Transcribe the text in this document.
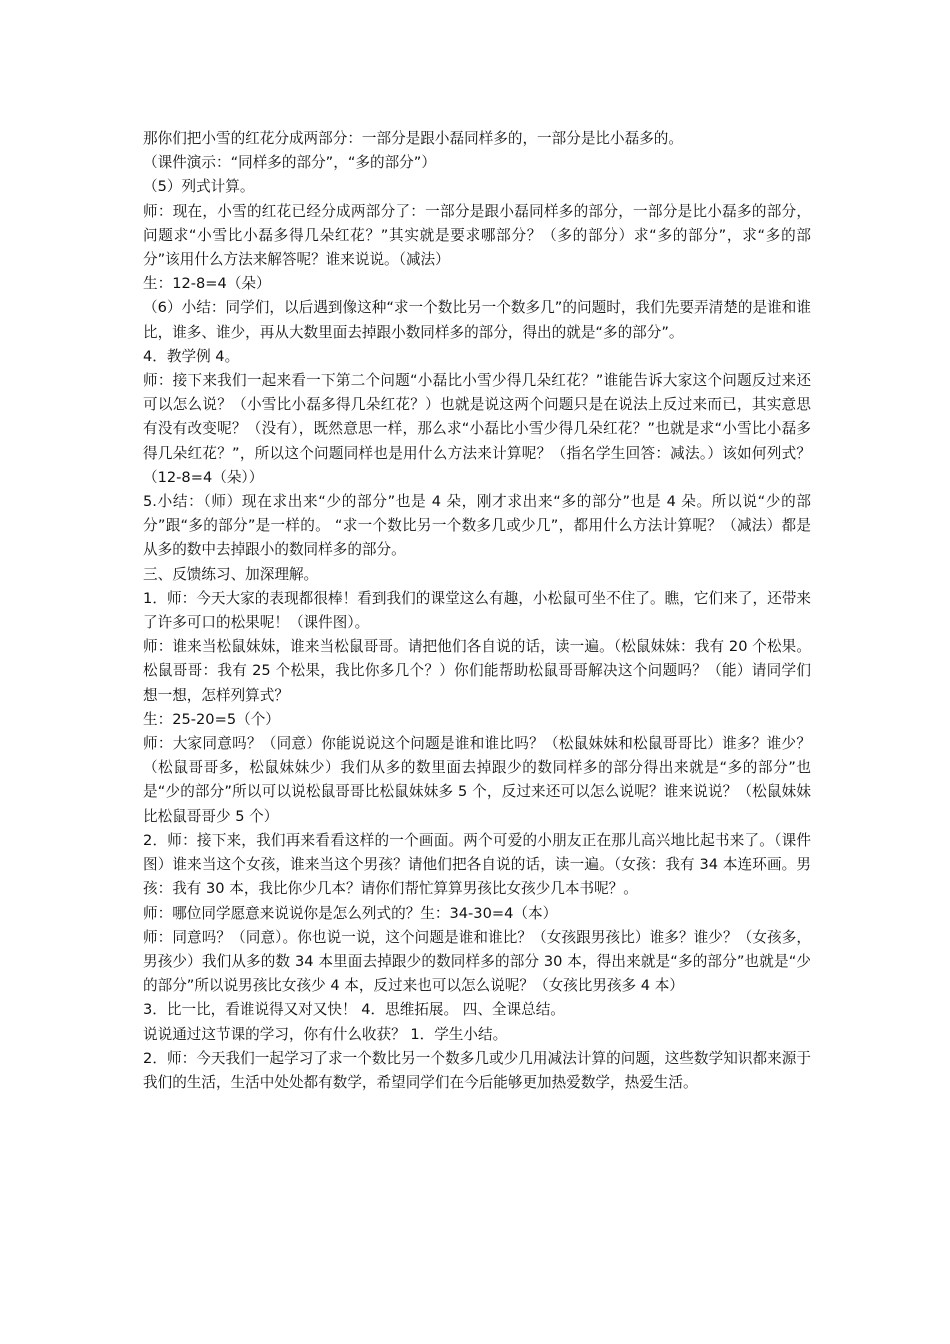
那你们把小雪的红花分成两部分：一部分是跟小磊同样多的，一部分是比小磊多的。

（课件演示：“同样多的部分”，“多的部分”）

（5）列式计算。

师：现在，小雪的红花已经分成两部分了：一部分是跟小磊同样多的部分，一部分是比小磊多的部分，问题求“小雪比小磊多得几朵红花？”其实就是要求哪部分？（多的部分）求“多的部分”，求“多的部分”该用什么方法来解答呢？谁来说说。（减法）

生：12-8=4（朵）

（6）小结：同学们，以后遇到像这种“求一个数比另一个数多几”的问题时，我们先要弄清楚的是谁和谁比，谁多、谁少，再从大数里面去掉跟小数同样多的部分，得出的就是“多的部分”。

4．教学例 4。

师：接下来我们一起来看一下第二个问题“小磊比小雪少得几朵红花？”谁能告诉大家这个问题反过来还可以怎么说？（小雪比小磊多得几朵红花？）也就是说这两个问题只是在说法上反过来而已，其实意思有没有改变呢？（没有），既然意思一样，那么求“小磊比小雪少得几朵红花？”也就是求“小雪比小磊多得几朵红花？”，所以这个问题同样也是用什么方法来计算呢？（指名学生回答：减法。）该如何列式？（12-8=4（朵））

5.小结：（师）现在求出来“少的部分”也是 4 朵，刚才求出来“多的部分”也是 4 朵。所以说“少的部分”跟“多的部分”是一样的。 “求一个数比另一个数多几或少几”，都用什么方法计算呢？（减法）都是从多的数中去掉跟小的数同样多的部分。

三、反馈练习、加深理解。

1．师：今天大家的表现都很棒！看到我们的课堂这么有趣，小松鼠可坐不住了。瞧，它们来了，还带来了许多可口的松果呢！（课件图）。

师：谁来当松鼠妹妹，谁来当松鼠哥哥。请把他们各自说的话，读一遍。（松鼠妹妹：我有 20 个松果。松鼠哥哥：我有 25 个松果，我比你多几个？）你们能帮助松鼠哥哥解决这个问题吗？（能）请同学们想一想，怎样列算式？

生：25-20=5（个）

师：大家同意吗？（同意）你能说说这个问题是谁和谁比吗？（松鼠妹妹和松鼠哥哥比）谁多？谁少？（松鼠哥哥多，松鼠妹妹少）我们从多的数里面去掉跟少的数同样多的部分得出来就是“多的部分”也是“少的部分”所以可以说松鼠哥哥比松鼠妹妹多 5 个，反过来还可以怎么说呢？谁来说说？（松鼠妹妹比松鼠哥哥少 5 个）

2．师：接下来，我们再来看看这样的一个画面。两个可爱的小朋友正在那儿高兴地比起书来了。（课件图）谁来当这个女孩，谁来当这个男孩？请他们把各自说的话，读一遍。（女孩：我有 34 本连环画。男孩：我有 30 本，我比你少几本？请你们帮忙算算男孩比女孩少几本书呢？。

师：哪位同学愿意来说说你是怎么列式的？生：34-30=4（本）

师：同意吗？（同意）。你也说一说，这个问题是谁和谁比？（女孩跟男孩比）谁多？谁少？（女孩多，男孩少）我们从多的数 34 本里面去掉跟少的数同样多的部分 30 本，得出来就是“多的部分”也就是“少的部分”所以说男孩比女孩少 4 本，反过来也可以怎么说呢？（女孩比男孩多 4 本）

3．比一比，看谁说得又对又快！ 4．思维拓展。 四、全课总结。

说说通过这节课的学习，你有什么收获？ 1．学生小结。

2．师：今天我们一起学习了求一个数比另一个数多几或少几用减法计算的问题，这些数学知识都来源于我们的生活，生活中处处都有数学，希望同学们在今后能够更加热爱数学，热爱生活。
